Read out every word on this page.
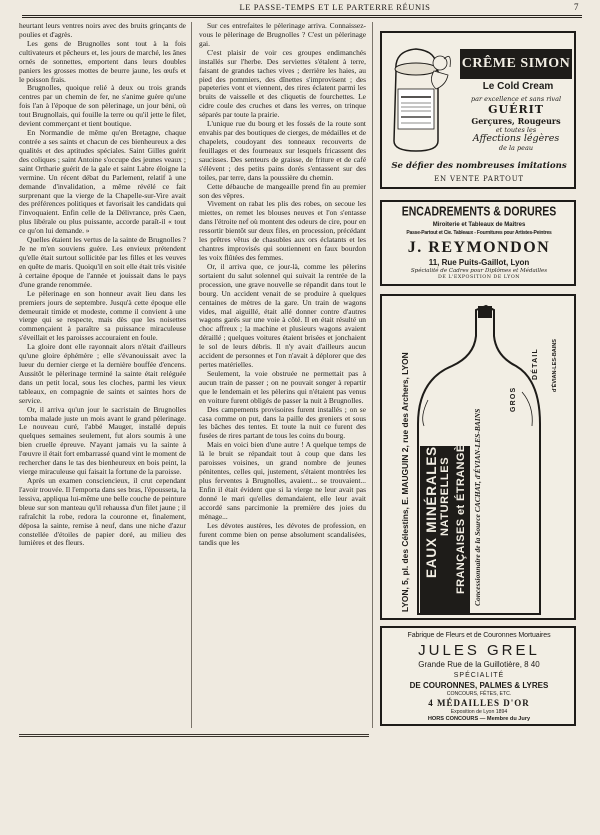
LE PASSE-TEMPS ET LE PARTERRE RÉUNIS	7

heurtant leurs ventres noirs avec des bruits grinçants de poulies et d'agrès.

Les gens de Brugnolles sont tout à la fois cultivateurs et pêcheurs et, les jours de marché, les ânes ornés de sonnettes, emportent dans leurs doubles paniers les grosses mottes de beurre jaune, les œufs et le poisson frais.

Brugnolles, quoique relié à deux ou trois grands centres par un chemin de fer, ne s'anime guère qu'une fois l'an à l'époque de son pèlerinage, un jour béni, où tout Brugnollais, qui fouille la terre ou qu'il jette le filet, devient commerçant et tient boutique.

En Normandie de même qu'en Bretagne, chaque contrée a ses saints et chacun de ces bienheureux a des qualités et des aptitudes spéciales. Saint Gilles guérit des coliques ; saint Antoine s'occupe des jeunes veaux ; saint Ortharie guérit de la gale et saint Labre éloigne la vermine. Un récent débat du Parlement, relatif à une demande d'invalidation, a même révélé ce fait surprenant que la vierge de la Chapelle-sur-Vire avait des préférences politiques et favorisait les candidats qui l'invoquaient. Enfin celle de la Délivrance, près Caen, plus libérale ou plus puissante, accorde paraît-il « tout ce qu'on lui demande. »

Quelles étaient les vertus de la sainte de Brugnolles ? Je ne m'en souviens guère. Les envieux prétendent qu'elle était surtout sollicitée par les filles et les veuves en quête de maris. Quoiqu'il en soit elle était très visitée à certaine époque de l'année et jouissait dans le pays d'une grande renommée.

Le pèlerinage en son honneur avait lieu dans les premiers jours de septembre. Jusqu'à cette époque elle demeurait timide et modeste, comme il convient à une vierge qui se respecte, mais dès que les noisettes commençaient à paraître sa puissance miraculeuse s'éveillait et les paroisses accouraient en foule.

La gloire dont elle rayonnait alors n'était d'ailleurs qu'une gloire éphémère ; elle s'évanouissait avec la lueur du dernier cierge et la dernière bouffée d'encens. Aussitôt le pèlerinage terminé la sainte était reléguée dans un petit local, sous les cloches, parmi les vieux tableaux, en compagnie de saints et saintes hors de service.

Or, il arriva qu'un jour le sacristain de Brugnolles tomba malade juste un mois avant le grand pèlerinage. Le nouveau curé, l'abbé Mauger, installé depuis quelques semaines seulement, fut alors soumis à une bien cruelle épreuve. N'ayant jamais vu la sainte à l'œuvre il était fort embarrassé quand vint le moment de rechercher dans le tas des bienheureux en bois peint, la vierge miraculeuse qui faisait la fortune de la paroisse.

Après un examen consciencieux, il crut cependant l'avoir trouvée. Il l'emporta dans ses bras, l'épousseta, la lessiva, appliqua lui-même une belle couche de peinture bleue sur son manteau qu'il rehaussa d'un filet jaune ; il rafraîchit la robe, redora la couronne et, finalement, déposa la sainte, remise à neuf, dans une niche d'azur constellée d'étoiles de papier doré, au milieu des lumières et des fleurs.

Sur ces entrefaites le pèlerinage arriva. Connaissez-vous le pèlerinage de Brugnolles ? C'est un pèlerinage gai.

C'est plaisir de voir ces groupes endimanchés installés sur l'herbe. Des serviettes s'étalent à terre, faisant de grandes taches vives ; derrière les haies, au pied des pommiers, des dînettes s'improvisent ; des papeteries vont et viennent, des rires éclatent parmi les bruits de vaisselle et des cliquetis de fourchettes. Le cidre coule des cruches et dans les verres, on trinque séparés par toute la prairie.

L'unique rue du bourg et les fossés de la route sont envahis par des boutiques de cierges, de médailles et de chapelets, coudoyant des tonneaux recouverts de feuillages et des fourneaux sur lesquels fricassent des saucisses. Des senteurs de graisse, de friture et de café s'élèvent ; des petits pains dorés s'entassent sur des toiles, par terre, dans la poussière du chemin.

Cette débauche de mangeaille prend fin au premier son des vêpres.

Vivement on rabat les plis des robes, on secoue les miettes, on remet les blouses neuves et l'on s'entasse dans l'étroite nef où montent des odeurs de cire, pour en ressortir bientôt sur deux files, en procession, précédant les prêtres vêtus de chasubles aux ors éclatants et les chantres improvisés qui soutiennent en faux bourdon les voix flûtées des femmes.

Or, il arriva que, ce jour-là, comme les pèlerins sortaient du salut solennel qui suivait la rentrée de la procession, une grave nouvelle se répandit dans tout le bourg. Un accident venait de se produire à quelques centaines de mètres de la gare. Un train de wagons vides, mal aiguillé, était allé donner contre d'autres wagons garés sur une voie à côté. Il en était résulté un choc affreux ; la machine et plusieurs wagons avaient déraillé ; quelques voitures étaient brisées et jonchaient le sol de leurs débris. Il n'y avait d'ailleurs aucun accident de personnes et l'on n'avait à déplorer que des pertes matérielles.

Seulement, la voie obstruée ne permettait pas à aucun train de passer ; on ne pouvait songer à repartir que le lendemain et les pèlerins qui n'étaient pas venus en voiture furent obligés de passer la nuit à Brugnolles.

Des campements provisoires furent installés ; on se casa comme on put, dans la paille des greniers et sous les bâches des tentes. Et toute la nuit ce furent des fusées de rires partant de tous les coins du bourg.

Mais en voici bien d'une autre ! A quelque temps de là le bruit se répandait tout à coup que dans les paroisses voisines, un grand nombre de jeunes pénitentes, celles qui, justement, s'étaient montrées les plus ferventes à Brugnolles, avaient... se trouvaient... Enfin il était évident que si la vierge ne leur avait pas donné le mari qu'elles demandaient, elle leur avait accordé sans parcimonie la première des joies du ménage...

Les dévotes austères, les dévotes de profession, en furent comme bien on pense absolument scandalisées, tandis que les

CRÊME SIMON
Le Cold Cream
par excellence et sans rival
GUÉRIT
Gerçures, Rougeurs
et toutes les
Affections légères
de la peau
Se défier des nombreuses imitations
EN VENTE PARTOUT
ENCADREMENTS & DORURES
Miroiterie et Tableaux de Maîtres
Passe-Partout et Cie. Tableaux - Fournitures pour Artistes-Peintres
J. REYMONDON
11, Rue Puits-Gaillot, Lyon
Spécialité de Cadres pour Diplômes et Médailles
DE L'EXPOSITION DE LYON
LYON, 5, pl. des Célestins, E. MAUGUIN 2, rue des Archers, LYON EAUX MINÉRALES NATURELLES FRANÇAISES et ÉTRANGÈRES Concessionnaire de la Source CACHAT, d'ÉVIAN-LES-BAINS
GROS
DÉTAIL d'ÉVIAN-LES-BAINS
Fabrique de Fleurs et de Couronnes Mortuaires
JULES GREL
Grande Rue de la Guillotière, 8 40
SPÉCIALITÉ
DE COURONNES, PALMES & LYRES
CONCOURS, FÊTES, ETC.
4 MÉDAILLES D'OR
Exposition de Lyon 1894
HORS CONCOURS — Membre du Jury
